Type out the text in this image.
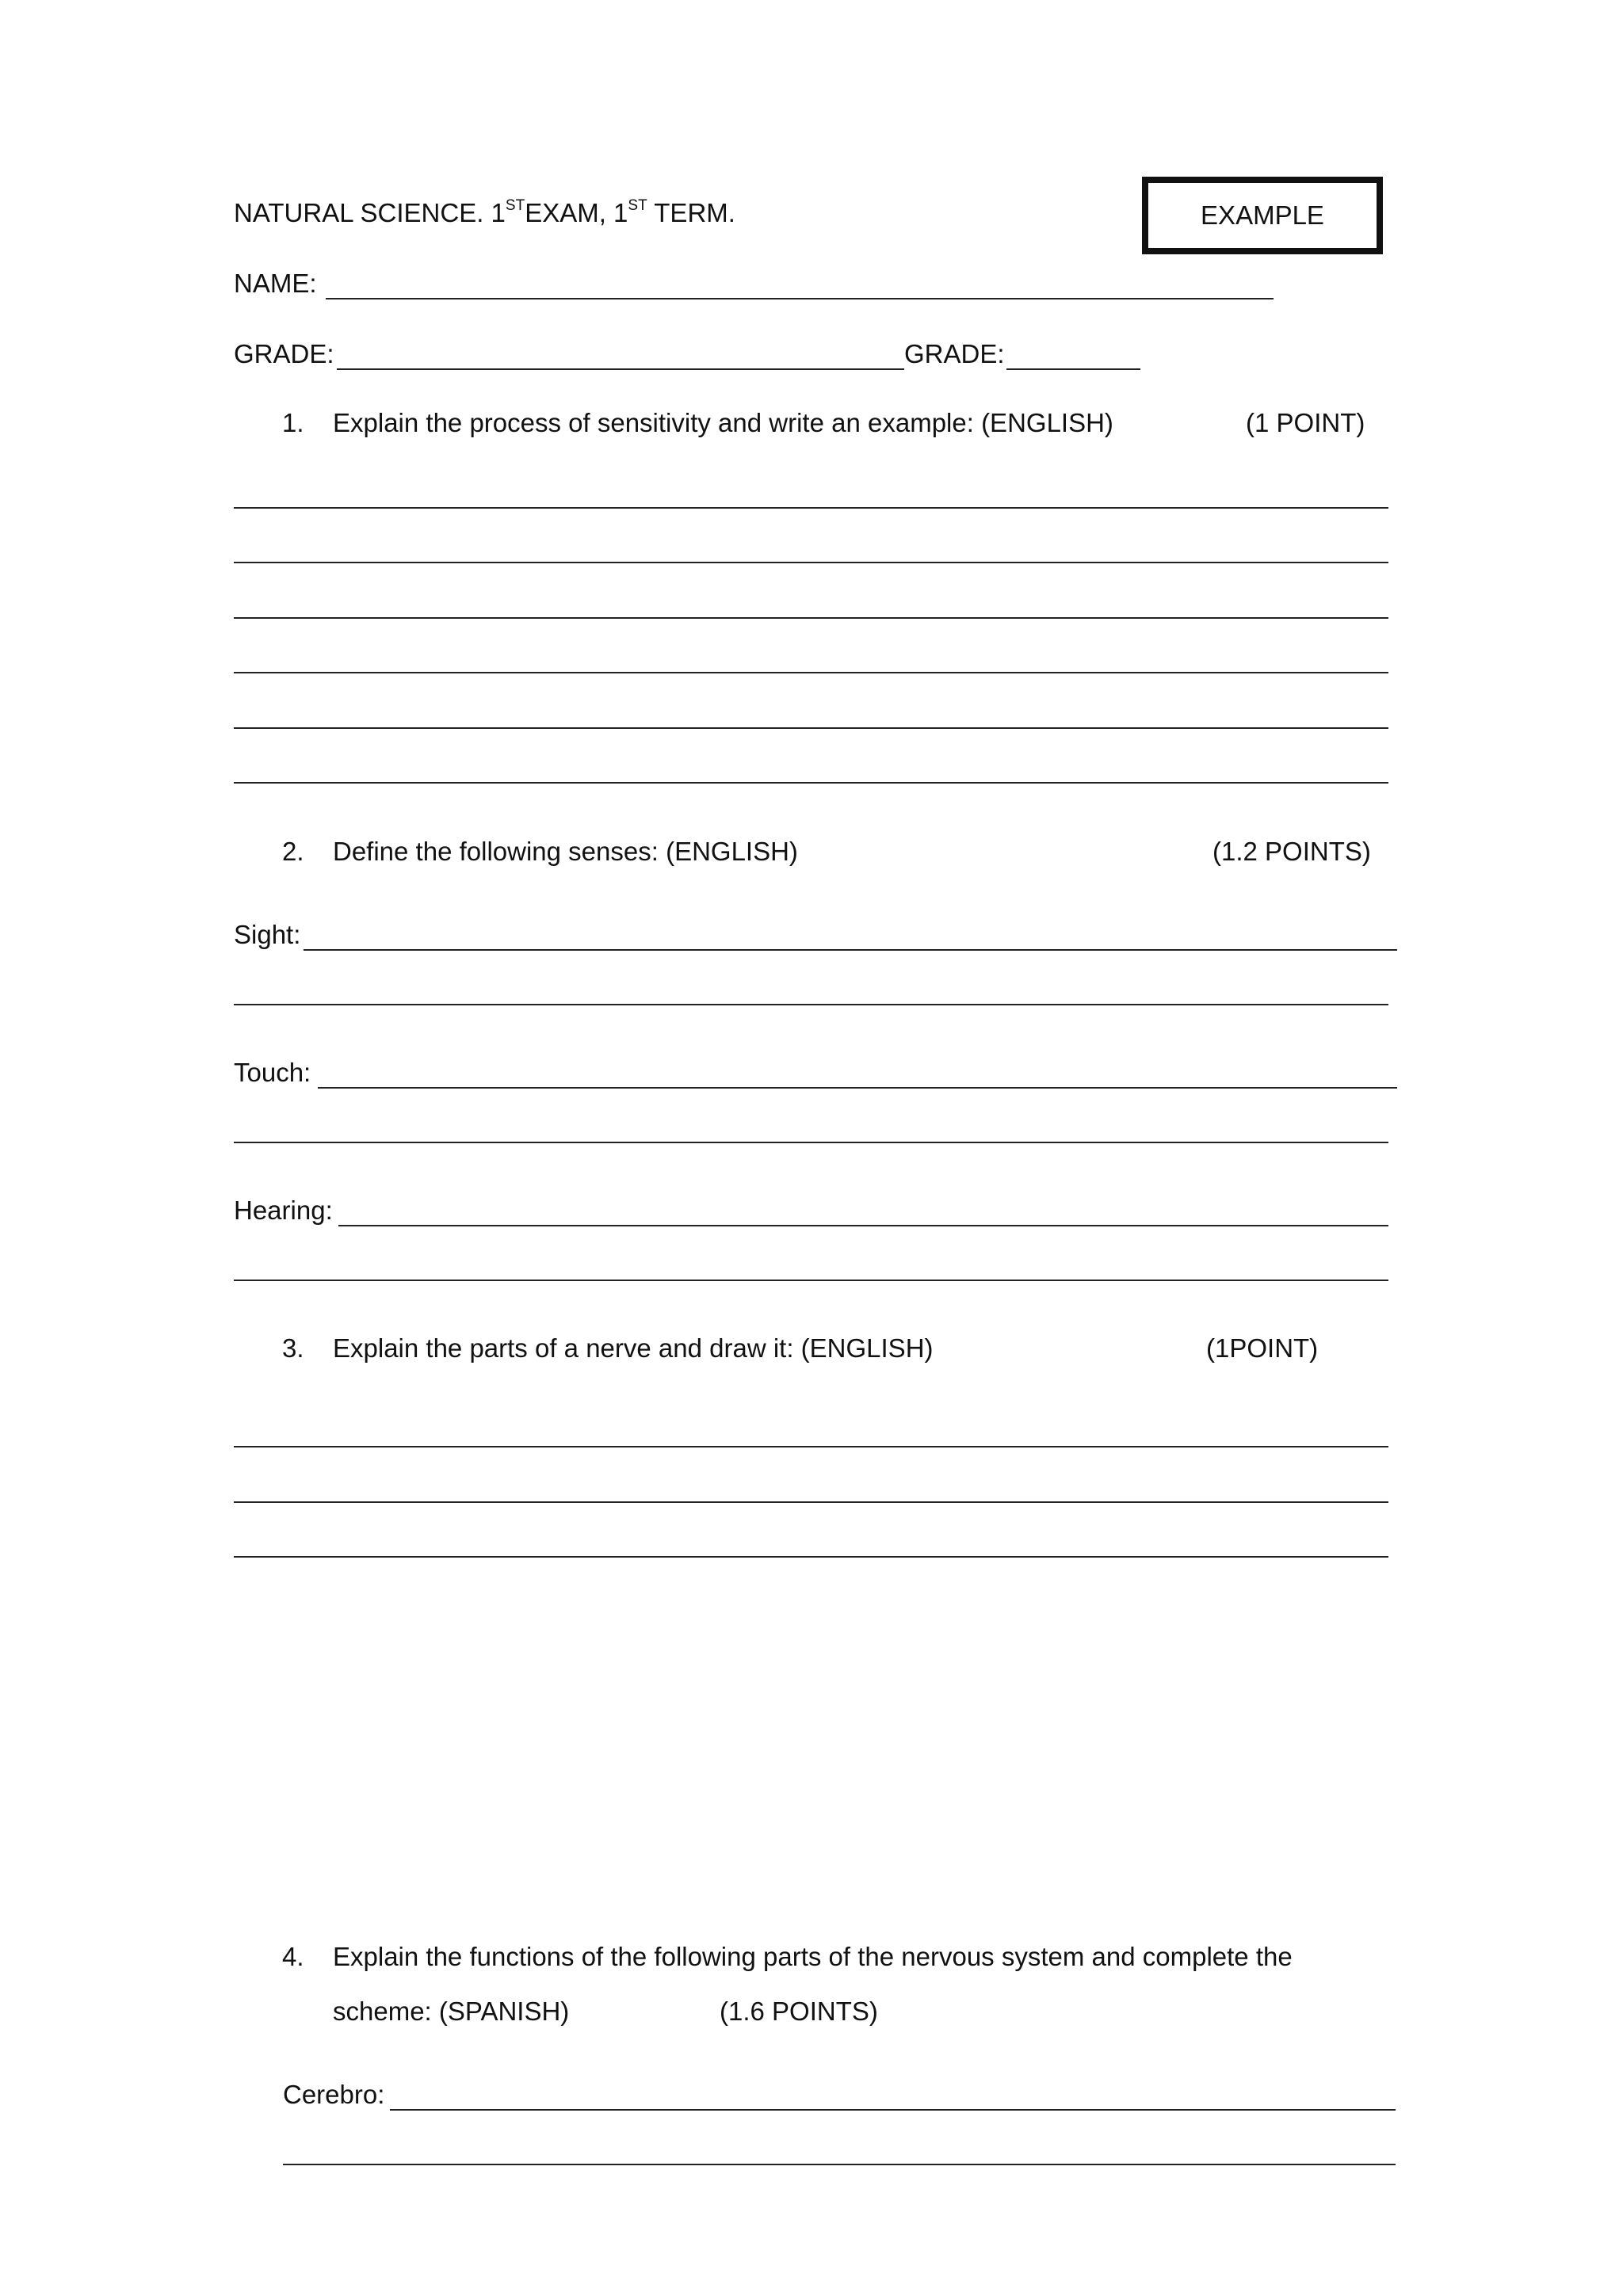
NATURAL SCIENCE. 1STEXAM, 1ST TERM.	EXAMPLE
NAME:
GRADE:	GRADE:
1. Explain the process of sensitivity and write an example: (ENGLISH)	(1 POINT)
2. Define the following senses: (ENGLISH)	(1.2 POINTS)
Sight:
Touch:
Hearing:
3. Explain the parts of a nerve and draw it: (ENGLISH)	(1POINT)
4. Explain the functions of the following parts of the nervous system and complete the
scheme: (SPANISH)	(1.6 POINTS)
Cerebro:
